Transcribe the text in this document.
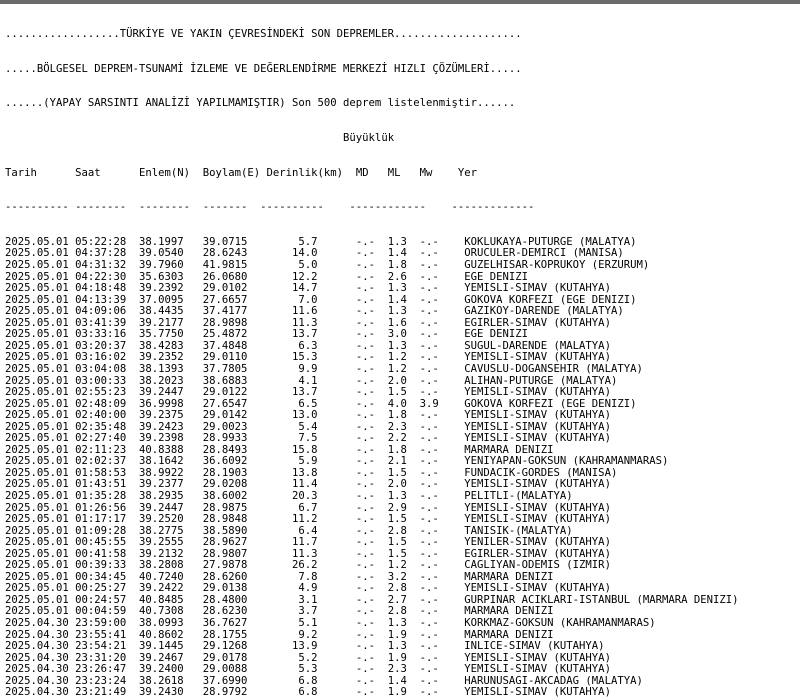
..................TÜRKİYE VE YAKIN ÇEVRESİNDEKİ SON DEPREMLER....................

.....BÖLGESEL DEPREM-TSUNAMİ İZLEME VE DEĞERLENDİRME MERKEZİ HIZLI ÇÖZÜMLERİ.....

......(YAPAY SARSINTI ANALİZİ YAPILMAMIŞTIR) Son 500 deprem listelenmiştir......

Büyüklük

Tarih      Saat      Enlem(N)  Boylam(E) Derinlik(km)  MD   ML   Mw    Yer

---------- --------  --------  -------  ----------    ------------    -------------

2025.05.01 05:22:28  38.1997   39.0715        5.7      -.-  1.3  -.-    KOKLUKAYA-PUTURGE (MALATYA)
2025.05.01 04:37:28  39.0540   28.6243       14.0      -.-  1.4  -.-    ORUCULER-DEMIRCI (MANISA)
2025.05.01 04:31:32  39.7960   41.9815        5.0      -.-  1.8  -.-    GUZELHISAR-KOPRUKOY (ERZURUM)
2025.05.01 04:22:30  35.6303   26.0680       12.2      -.-  2.6  -.-    EGE DENIZI
2025.05.01 04:18:48  39.2392   29.0102       14.7      -.-  1.3  -.-    YEMISLI-SIMAV (KUTAHYA)
2025.05.01 04:13:39  37.0095   27.6657        7.0      -.-  1.4  -.-    GOKOVA KORFEZI (EGE DENIZI)
2025.05.01 04:09:06  38.4435   37.4177       11.6      -.-  1.3  -.-    GAZIKOY-DARENDE (MALATYA)
2025.05.01 03:41:39  39.2177   28.9898       11.3      -.-  1.6  -.-    EGIRLER-SIMAV (KUTAHYA)
2025.05.01 03:33:16  35.7750   25.4872       13.7      -.-  3.0  -.-    EGE DENIZI
2025.05.01 03:20:37  38.4283   37.4848        6.3      -.-  1.3  -.-    SUGUL-DARENDE (MALATYA)
2025.05.01 03:16:02  39.2352   29.0110       15.3      -.-  1.2  -.-    YEMISLI-SIMAV (KUTAHYA)
2025.05.01 03:04:08  38.1393   37.7805        9.9      -.-  1.2  -.-    CAVUSLU-DOGANSEHIR (MALATYA)
2025.05.01 03:00:33  38.2023   38.6883        4.1      -.-  2.0  -.-    ALIHAN-PUTURGE (MALATYA)
2025.05.01 02:55:23  39.2447   29.0122       13.7      -.-  1.5  -.-    YEMISLI-SIMAV (KUTAHYA)
2025.05.01 02:48:09  36.9998   27.6547        6.5      -.-  4.0  3.9    GOKOVA KORFEZI (EGE DENIZI)
2025.05.01 02:40:00  39.2375   29.0142       13.0      -.-  1.8  -.-    YEMISLI-SIMAV (KUTAHYA)
2025.05.01 02:35:48  39.2423   29.0023        5.4      -.-  2.3  -.-    YEMISLI-SIMAV (KUTAHYA)
2025.05.01 02:27:40  39.2398   28.9933        7.5      -.-  2.2  -.-    YEMISLI-SIMAV (KUTAHYA)
2025.05.01 02:11:23  40.8388   28.8493       15.8      -.-  1.8  -.-    MARMARA DENIZI
2025.05.01 02:02:37  38.1642   36.6092        5.9      -.-  2.1  -.-    YENIYAPAN-GOKSUN (KAHRAMANMARAS)
2025.05.01 01:58:53  38.9922   28.1903       13.8      -.-  1.5  -.-    FUNDACIK-GORDES (MANISA)
2025.05.01 01:43:51  39.2377   29.0208       11.4      -.-  2.0  -.-    YEMISLI-SIMAV (KUTAHYA)
2025.05.01 01:35:28  38.2935   38.6002       20.3      -.-  1.3  -.-    PELITLI-(MALATYA)
2025.05.01 01:26:56  39.2447   28.9875        6.7      -.-  2.9  -.-    YEMISLI-SIMAV (KUTAHYA)
2025.05.01 01:17:17  39.2520   28.9848       11.2      -.-  1.5  -.-    YEMISLI-SIMAV (KUTAHYA)
2025.05.01 01:09:28  38.2775   38.5890        6.4      -.-  2.8  -.-    TANISIK-(MALATYA)
2025.05.01 00:45:55  39.2555   28.9627       11.7      -.-  1.5  -.-    YENILER-SIMAV (KUTAHYA)
2025.05.01 00:41:58  39.2132   28.9807       11.3      -.-  1.5  -.-    EGIRLER-SIMAV (KUTAHYA)
2025.05.01 00:39:33  38.2808   27.9878       26.2      -.-  1.2  -.-    CAGLIYAN-ODEMIS (IZMIR)
2025.05.01 00:34:45  40.7240   28.6260        7.8      -.-  3.2  -.-    MARMARA DENIZI
2025.05.01 00:25:27  39.2422   29.0138        4.9      -.-  2.8  -.-    YEMISLI-SIMAV (KUTAHYA)
2025.05.01 00:24:57  40.8485   28.4800        3.1      -.-  2.7  -.-    GURPINAR ACIKLARI-ISTANBUL (MARMARA DENIZI)
2025.05.01 00:04:59  40.7308   28.6230        3.7      -.-  2.8  -.-    MARMARA DENIZI
2025.04.30 23:59:00  38.0993   36.7627        5.1      -.-  1.3  -.-    KORKMAZ-GOKSUN (KAHRAMANMARAS)
2025.04.30 23:55:41  40.8602   28.1755        9.2      -.-  1.9  -.-    MARMARA DENIZI
2025.04.30 23:54:21  39.1445   29.1268       13.9      -.-  1.3  -.-    INLICE-SIMAV (KUTAHYA)
2025.04.30 23:31:20  39.2467   29.0178        5.2      -.-  1.9  -.-    YEMISLI-SIMAV (KUTAHYA)
2025.04.30 23:26:47  39.2400   29.0088        5.3      -.-  2.3  -.-    YEMISLI-SIMAV (KUTAHYA)
2025.04.30 23:23:24  38.2618   37.6990        6.8      -.-  1.4  -.-    HARUNUSAGI-AKCADAG (MALATYA)
2025.04.30 23:21:49  39.2430   28.9792        6.8      -.-  1.9  -.-    YEMISLI-SIMAV (KUTAHYA)
